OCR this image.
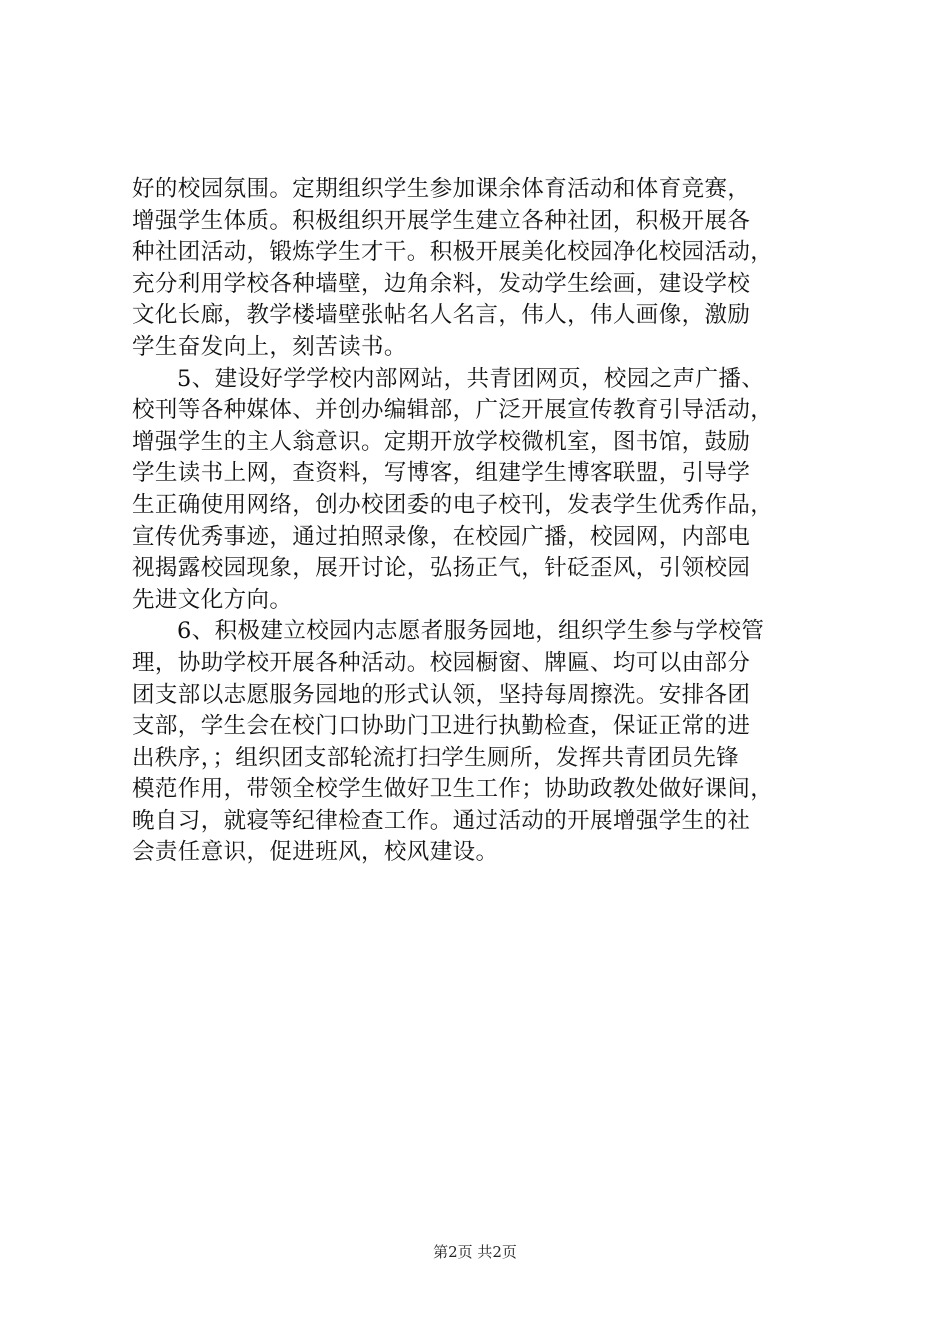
好的校园氛围。定期组织学生参加课余体育活动和体育竞赛，
增强学生体质。积极组织开展学生建立各种社团，积极开展各
种社团活动，锻炼学生才干。积极开展美化校园净化校园活动，
充分利用学校各种墙壁，边角余料，发动学生绘画，建设学校
文化长廊，教学楼墙壁张帖名人名言，伟人，伟人画像，激励
学生奋发向上，刻苦读书。
5、建设好学学校内部网站，共青团网页，校园之声广播、
校刊等各种媒体、并创办编辑部，广泛开展宣传教育引导活动，
增强学生的主人翁意识。定期开放学校微机室，图书馆，鼓励
学生读书上网，查资料，写博客，组建学生博客联盟，引导学
生正确使用网络，创办校团委的电子校刊，发表学生优秀作品，
宣传优秀事迹，通过拍照录像，在校园广播，校园网，内部电
视揭露校园现象，展开讨论，弘扬正气，针砭歪风，引领校园
先进文化方向。
6、积极建立校园内志愿者服务园地，组织学生参与学校管
理，协助学校开展各种活动。校园橱窗、牌匾、均可以由部分
团支部以志愿服务园地的形式认领，坚持每周擦洗。安排各团
支部，学生会在校门口协助门卫进行执勤检查，保证正常的进
出秩序，；组织团支部轮流打扫学生厕所，发挥共青团员先锋
模范作用，带领全校学生做好卫生工作；协助政教处做好课间，
晚自习，就寝等纪律检查工作。通过活动的开展增强学生的社
会责任意识，促进班风，校风建设。
第2页 共2页
